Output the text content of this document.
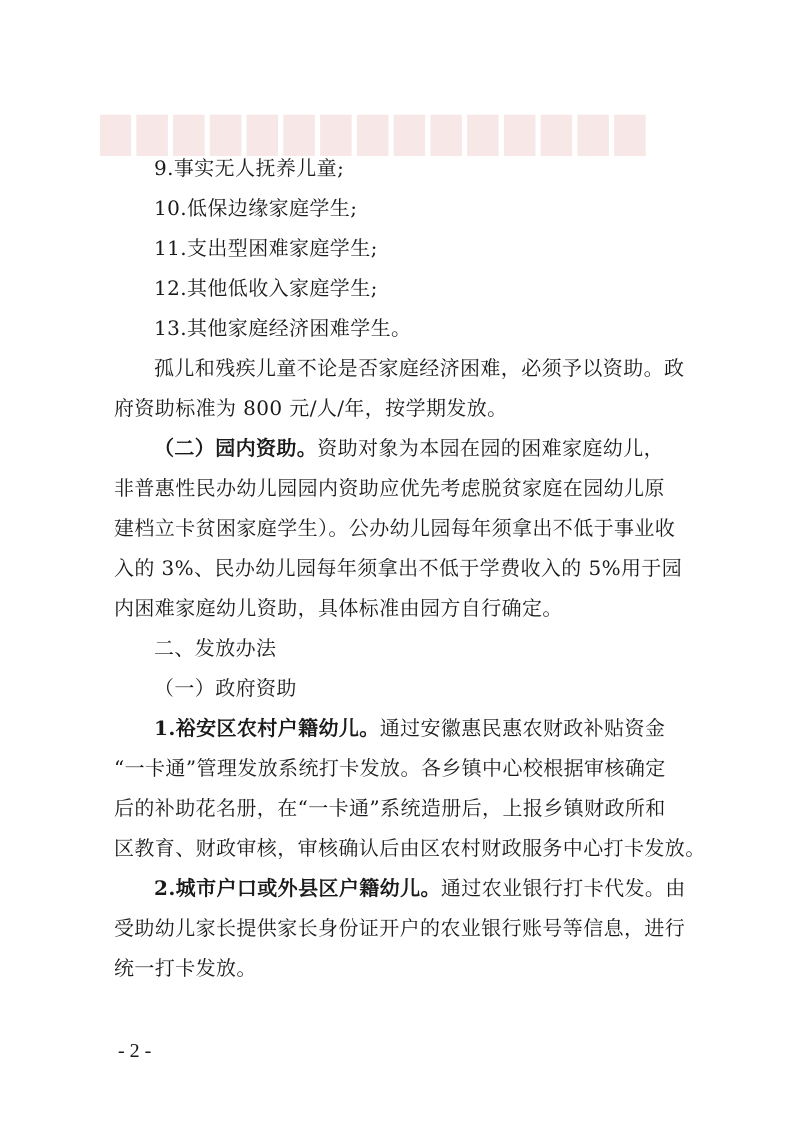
▇▇▇▇▇▇▇▇▇▇▇▇▇▇▇
9.事实无人抚养儿童;
10.低保边缘家庭学生;
11.支出型困难家庭学生;
12.其他低收入家庭学生;
13.其他家庭经济困难学生。
孤儿和残疾儿童不论是否家庭经济困难，必须予以资助。政
府资助标准为 800 元/人/年，按学期发放。
（二）园内资助。资助对象为本园在园的困难家庭幼儿，
非普惠性民办幼儿园园内资助应优先考虑脱贫家庭在园幼儿原
建档立卡贫困家庭学生）。公办幼儿园每年须拿出不低于事业收
入的 3%、民办幼儿园每年须拿出不低于学费收入的 5%用于园
内困难家庭幼儿资助，具体标准由园方自行确定。
二、发放办法
（一）政府资助
1.裕安区农村户籍幼儿。通过安徽惠民惠农财政补贴资金
“一卡通”管理发放系统打卡发放。各乡镇中心校根据审核确定
后的补助花名册，在“一卡通”系统造册后，上报乡镇财政所和
区教育、财政审核，审核确认后由区农村财政服务中心打卡发放。
2.城市户口或外县区户籍幼儿。通过农业银行打卡代发。由
受助幼儿家长提供家长身份证开户的农业银行账号等信息，进行
统一打卡发放。
- 2 -
